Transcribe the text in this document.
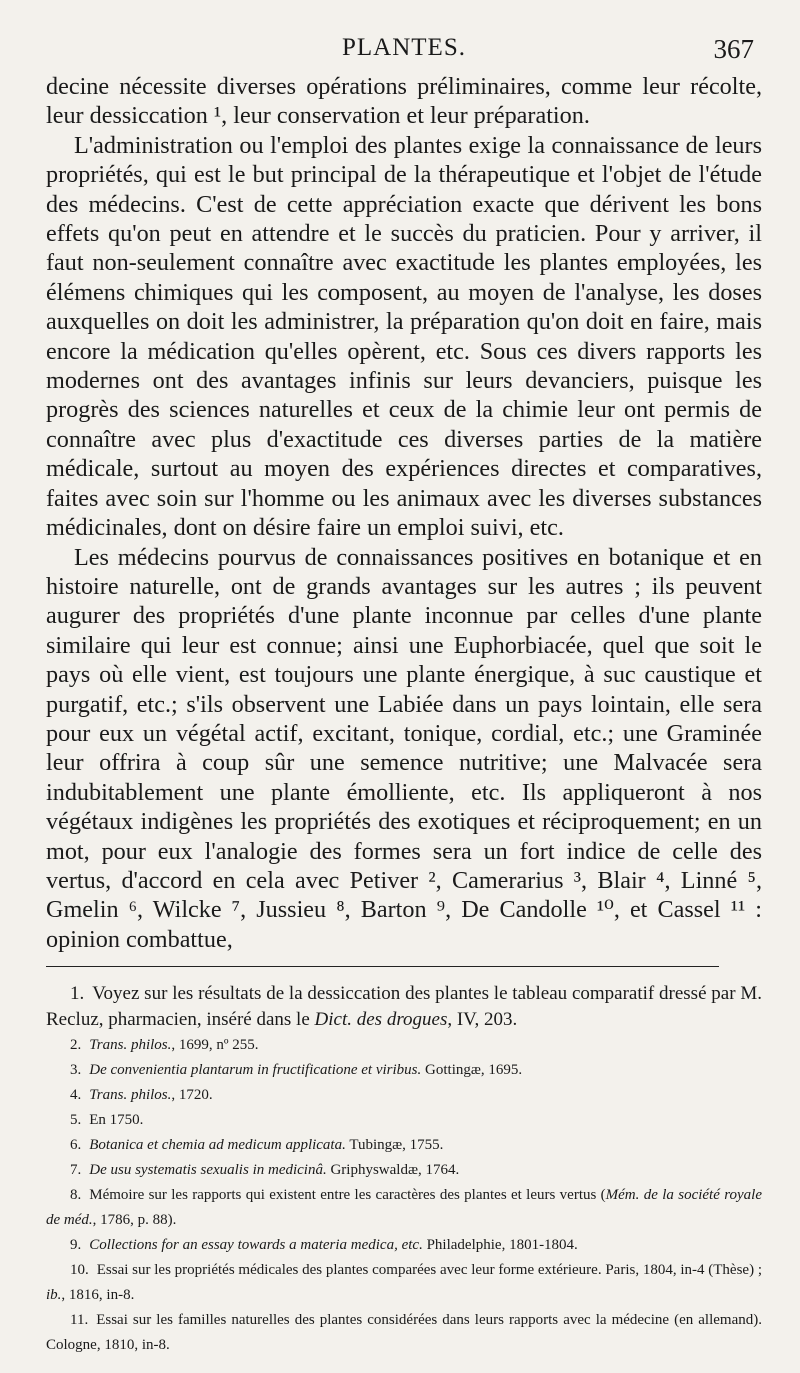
PLANTES.	367

decine nécessite diverses opérations préliminaires, comme leur récolte, leur dessiccation ¹, leur conservation et leur préparation.

L'administration ou l'emploi des plantes exige la connaissance de leurs propriétés, qui est le but principal de la thérapeutique et l'objet de l'étude des médecins. C'est de cette appréciation exacte que dérivent les bons effets qu'on peut en attendre et le succès du praticien. Pour y arriver, il faut non-seulement connaître avec exactitude les plantes employées, les élémens chimiques qui les composent, au moyen de l'analyse, les doses auxquelles on doit les administrer, la préparation qu'on doit en faire, mais encore la médication qu'elles opèrent, etc. Sous ces divers rapports les modernes ont des avantages infinis sur leurs devanciers, puisque les progrès des sciences naturelles et ceux de la chimie leur ont permis de connaître avec plus d'exactitude ces diverses parties de la matière médicale, surtout au moyen des expériences directes et comparatives, faites avec soin sur l'homme ou les animaux avec les diverses substances médicinales, dont on désire faire un emploi suivi, etc.

Les médecins pourvus de connaissances positives en botanique et en histoire naturelle, ont de grands avantages sur les autres ; ils peuvent augurer des propriétés d'une plante inconnue par celles d'une plante similaire qui leur est connue; ainsi une Euphorbiacée, quel que soit le pays où elle vient, est toujours une plante énergique, à suc caustique et purgatif, etc.; s'ils observent une Labiée dans un pays lointain, elle sera pour eux un végétal actif, excitant, tonique, cordial, etc.; une Graminée leur offrira à coup sûr une semence nutritive; une Malvacée sera indubitablement une plante émolliente, etc. Ils appliqueront à nos végétaux indigènes les propriétés des exotiques et réciproquement; en un mot, pour eux l'analogie des formes sera un fort indice de celle des vertus, d'accord en cela avec Petiver ², Camerarius ³, Blair ⁴, Linné ⁵, Gmelin ⁶, Wilcke ⁷, Jussieu ⁸, Barton ⁹, De Candolle ¹⁰, et Cassel ¹¹ : opinion combattue,

1. Voyez sur les résultats de la dessiccation des plantes le tableau comparatif dressé par M. Recluz, pharmacien, inséré dans le Dict. des drogues, IV, 203.

2. Trans. philos., 1699, nº 255.

3. De convenientia plantarum in fructificatione et viribus. Gottingæ, 1695.

4. Trans. philos., 1720.

5. En 1750.

6. Botanica et chemia ad medicum applicata. Tubingæ, 1755.

7. De usu systematis sexualis in medicinâ. Griphyswaldæ, 1764.

8. Mémoire sur les rapports qui existent entre les caractères des plantes et leurs vertus (Mém. de la société royale de méd., 1786, p. 88).

9. Collections for an essay towards a materia medica, etc. Philadelphie, 1801-1804.

10. Essai sur les propriétés médicales des plantes comparées avec leur forme extérieure. Paris, 1804, in-4 (Thèse) ; ib., 1816, in-8.

11. Essai sur les familles naturelles des plantes considérées dans leurs rapports avec la médecine (en allemand). Cologne, 1810, in-8.
